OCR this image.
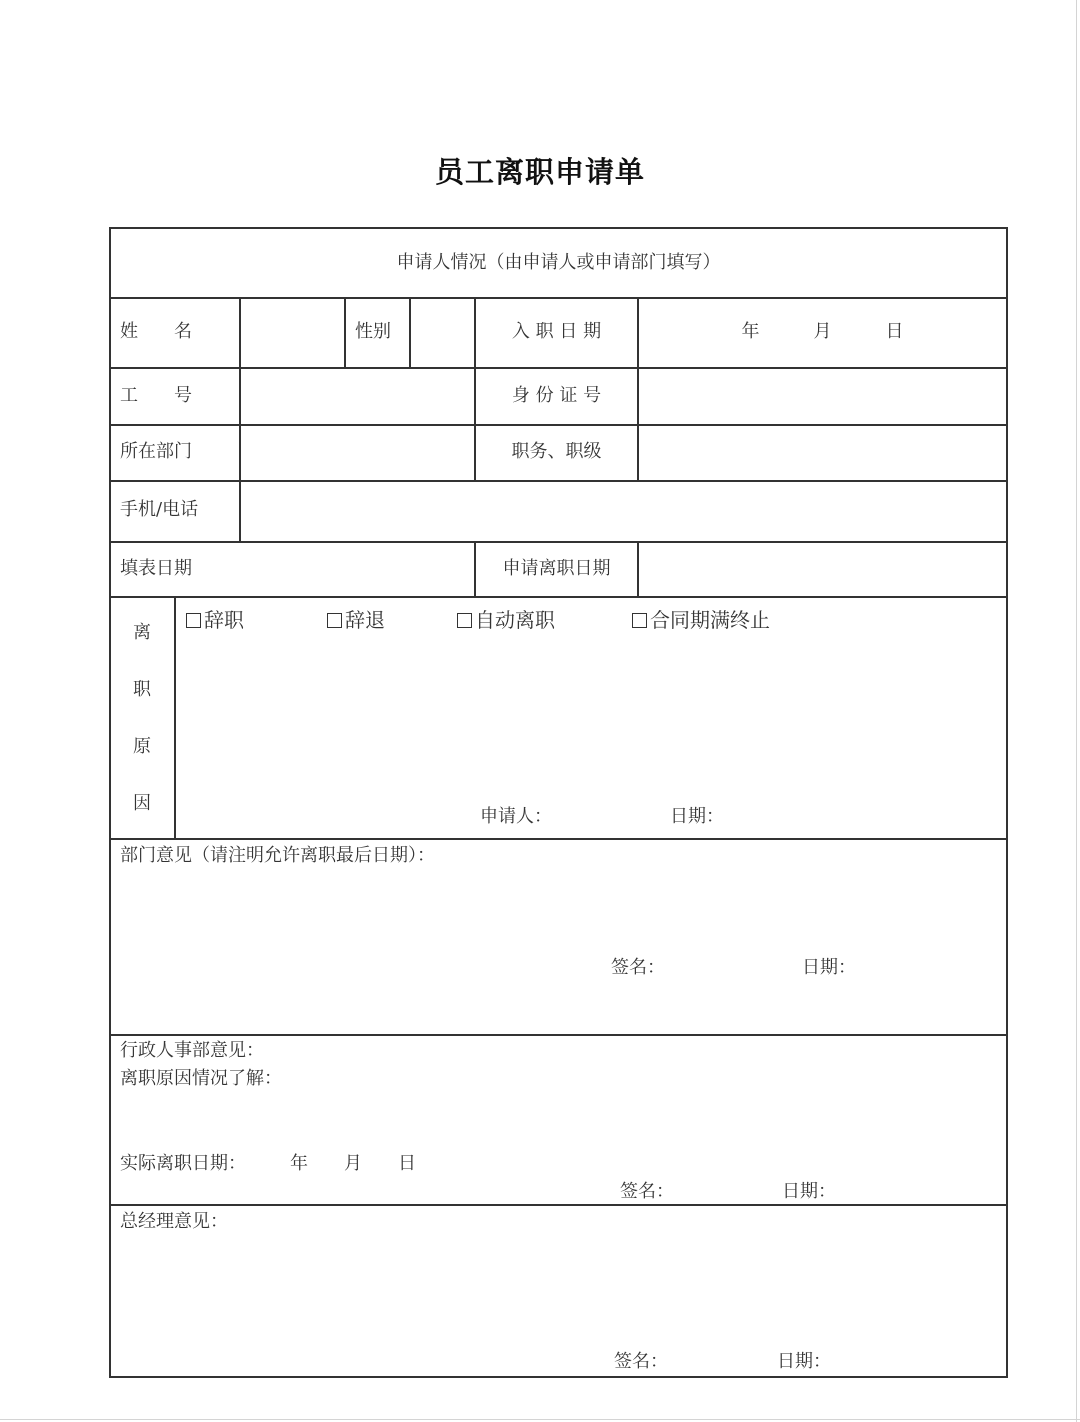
员工离职申请单
申请人情况（由申请人或申请部门填写）
姓　　名	性别	入 职 日 期	年　　　月　　　日
工　　号	身 份 证 号
所在部门	职务、职级
手机/电话
填表日期	申请离职日期
离
职
原
因
辞职	辞退	自动离职	合同期满终止
申请人：	日期：
部门意见（请注明允许离职最后日期）：
签名：	日期：
行政人事部意见：
离职原因情况了解：
实际离职日期： 年　　月　　日
签名：	日期：
总经理意见：
签名：	日期：
